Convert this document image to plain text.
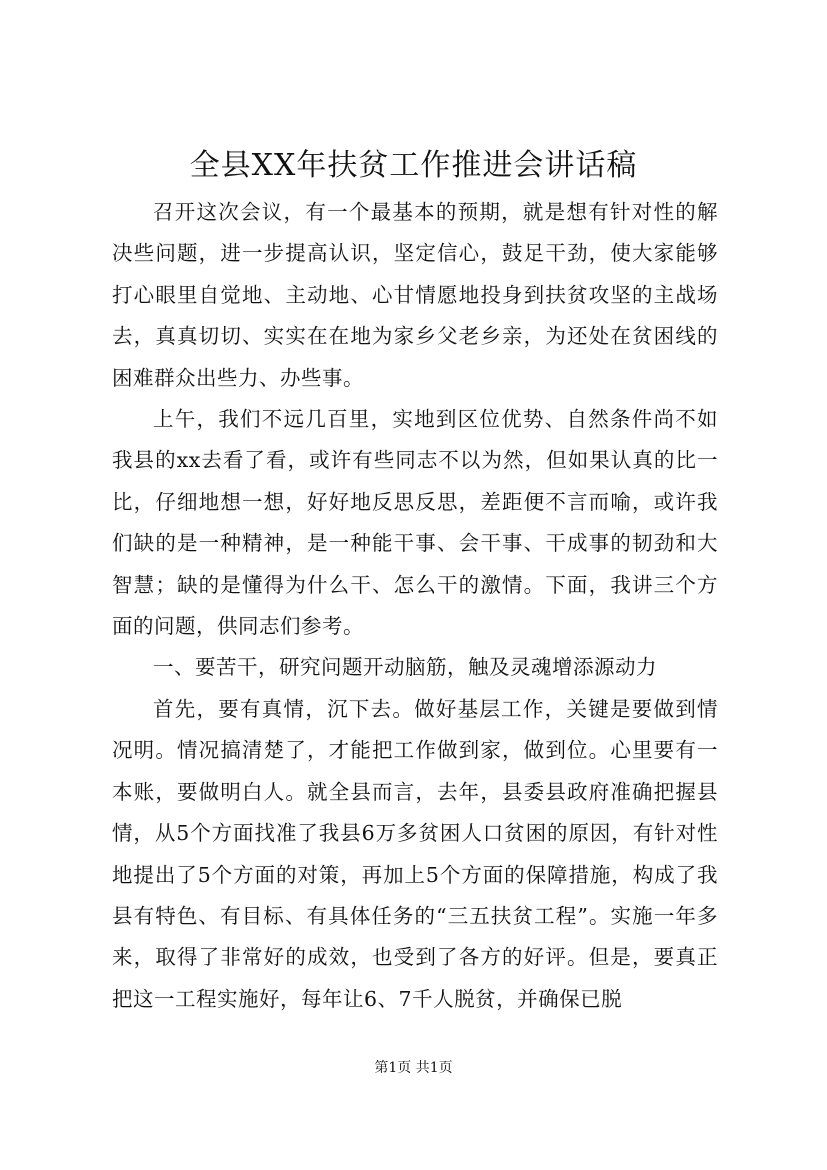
全县XX年扶贫工作推进会讲话稿

召开这次会议，有一个最基本的预期，就是想有针对性的解决些问题，进一步提高认识，坚定信心，鼓足干劲，使大家能够打心眼里自觉地、主动地、心甘情愿地投身到扶贫攻坚的主战场去，真真切切、实实在在地为家乡父老乡亲，为还处在贫困线的困难群众出些力、办些事。

上午，我们不远几百里，实地到区位优势、自然条件尚不如我县的xx去看了看，或许有些同志不以为然，但如果认真的比一比，仔细地想一想，好好地反思反思，差距便不言而喻，或许我们缺的是一种精神，是一种能干事、会干事、干成事的韧劲和大智慧；缺的是懂得为什么干、怎么干的激情。下面，我讲三个方面的问题，供同志们参考。

一、要苦干，研究问题开动脑筋，触及灵魂增添源动力

首先，要有真情，沉下去。做好基层工作，关键是要做到情况明。情况搞清楚了，才能把工作做到家，做到位。心里要有一本账，要做明白人。就全县而言，去年，县委县政府准确把握县情，从5个方面找准了我县6万多贫困人口贫困的原因，有针对性地提出了5个方面的对策，再加上5个方面的保障措施，构成了我县有特色、有目标、有具体任务的“三五扶贫工程”。实施一年多来，取得了非常好的成效，也受到了各方的好评。但是，要真正把这一工程实施好，每年让6、7千人脱贫，并确保已脱

第1页 共1页
